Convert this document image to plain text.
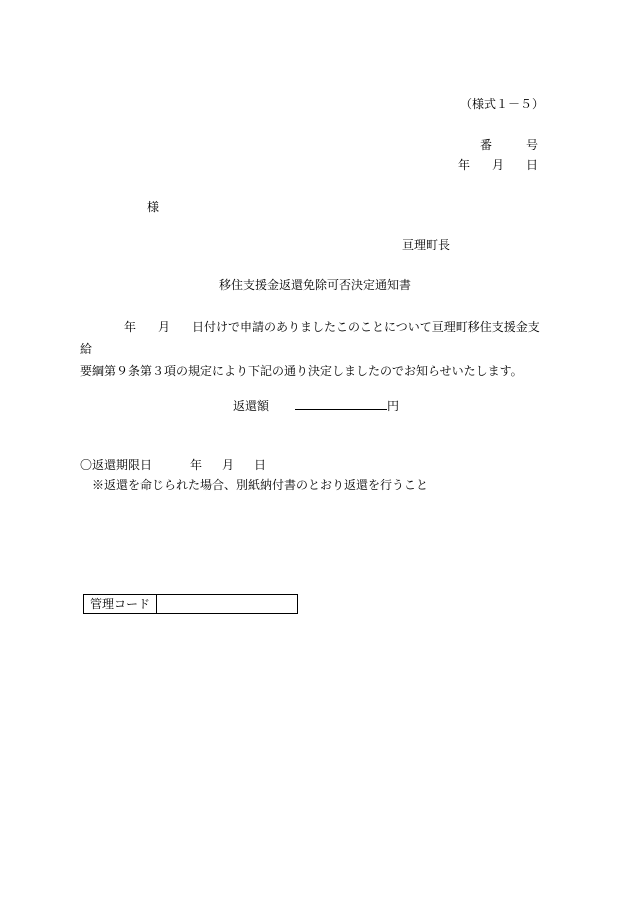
（様式１－５）
番	号
年 月 日
様
亘理町長
移住支援金返還免除可否決定通知書
年 月 日付けで申請のありましたこのことについて亘理町移住支援金支給
要綱第９条第３項の規定により下記の通り決定しましたのでお知らせいたします。
返還額	円
〇返還期限日	年 月 日
※返還を命じられた場合、別紙納付書のとおり返還を行うこと
管理コード	
